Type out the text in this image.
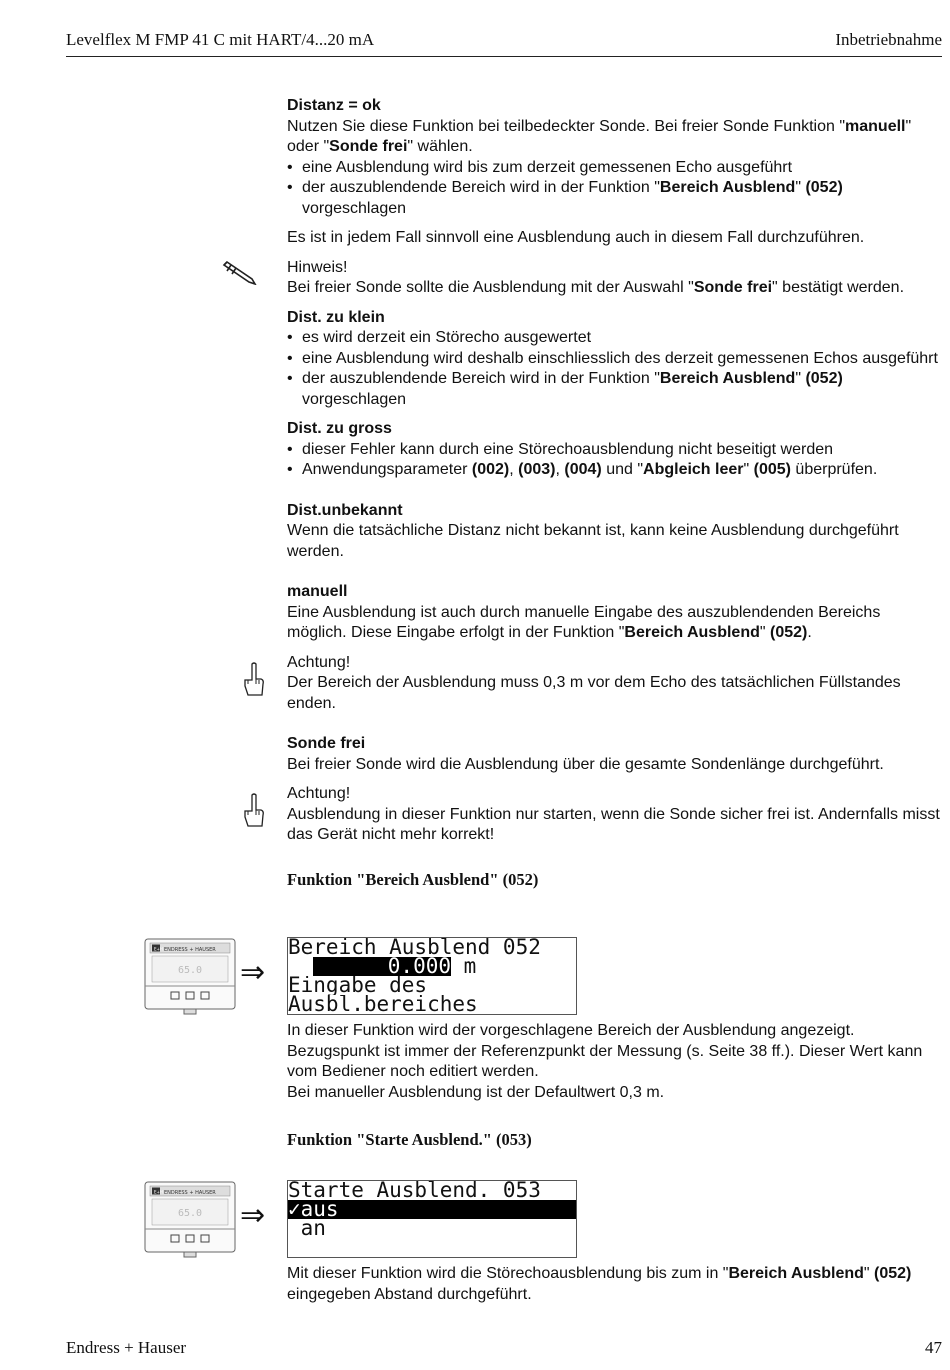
Levelflex M FMP 41 C mit HART/4...20 mA	Inbetriebnahme

Distanz = ok

Nutzen Sie diese Funktion bei teilbedeckter Sonde. Bei freier Sonde Funktion "manuell" oder "Sonde frei" wählen.

• eine Ausblendung wird bis zum derzeit gemessenen Echo ausgeführt
• der auszublendende Bereich wird in der Funktion "Bereich Ausblend" (052) vorgeschlagen

Es ist in jedem Fall sinnvoll eine Ausblendung auch in diesem Fall durchzuführen.

Hinweis!

Bei freier Sonde sollte die Ausblendung mit der Auswahl "Sonde frei" bestätigt werden.

Dist. zu klein

• es wird derzeit ein Störecho ausgewertet
• eine Ausblendung wird deshalb einschliesslich des derzeit gemessenen Echos ausgeführt
• der auszublendende Bereich wird in der Funktion "Bereich Ausblend" (052) vorgeschlagen

Dist. zu gross

• dieser Fehler kann durch eine Störechoausblendung nicht beseitigt werden
• Anwendungsparameter (002), (003), (004) und "Abgleich leer" (005) überprüfen.

Dist.unbekannt

Wenn die tatsächliche Distanz nicht bekannt ist, kann keine Ausblendung durchgeführt werden.

manuell

Eine Ausblendung ist auch durch manuelle Eingabe des auszublendenden Bereichs möglich. Diese Eingabe erfolgt in der Funktion "Bereich Ausblend" (052).

Achtung!

Der Bereich der Ausblendung muss 0,3 m vor dem Echo des tatsächlichen Füllstandes enden.

Sonde frei

Bei freier Sonde wird die Ausblendung über die gesamte Sondenlänge durchgeführt.

Achtung!

Ausblendung in dieser Funktion nur starten, wenn die Sonde sicher frei ist. Andernfalls misst das Gerät nicht mehr korrekt!

Funktion "Bereich Ausblend" (052)

E+H ENDRESS + HAUSER
65.0 ⇒
Bereich Ausblend 052
0.000 m
Eingabe des
Ausbl.bereiches

In dieser Funktion wird der vorgeschlagene Bereich der Ausblendung angezeigt. Bezugspunkt ist immer der Referenzpunkt der Messung (s. Seite 38 ff.). Dieser Wert kann vom Bediener noch editiert werden.

Bei manueller Ausblendung ist der Defaultwert 0,3 m.

Funktion "Starte Ausblend." (053)

E+H ENDRESS + HAUSER
65.0 ⇒
Starte Ausblend. 053
✓aus
an

Mit dieser Funktion wird die Störechoausblendung bis zum in "Bereich Ausblend" (052) eingegeben Abstand durchgeführt.

Endress + Hauser	47
